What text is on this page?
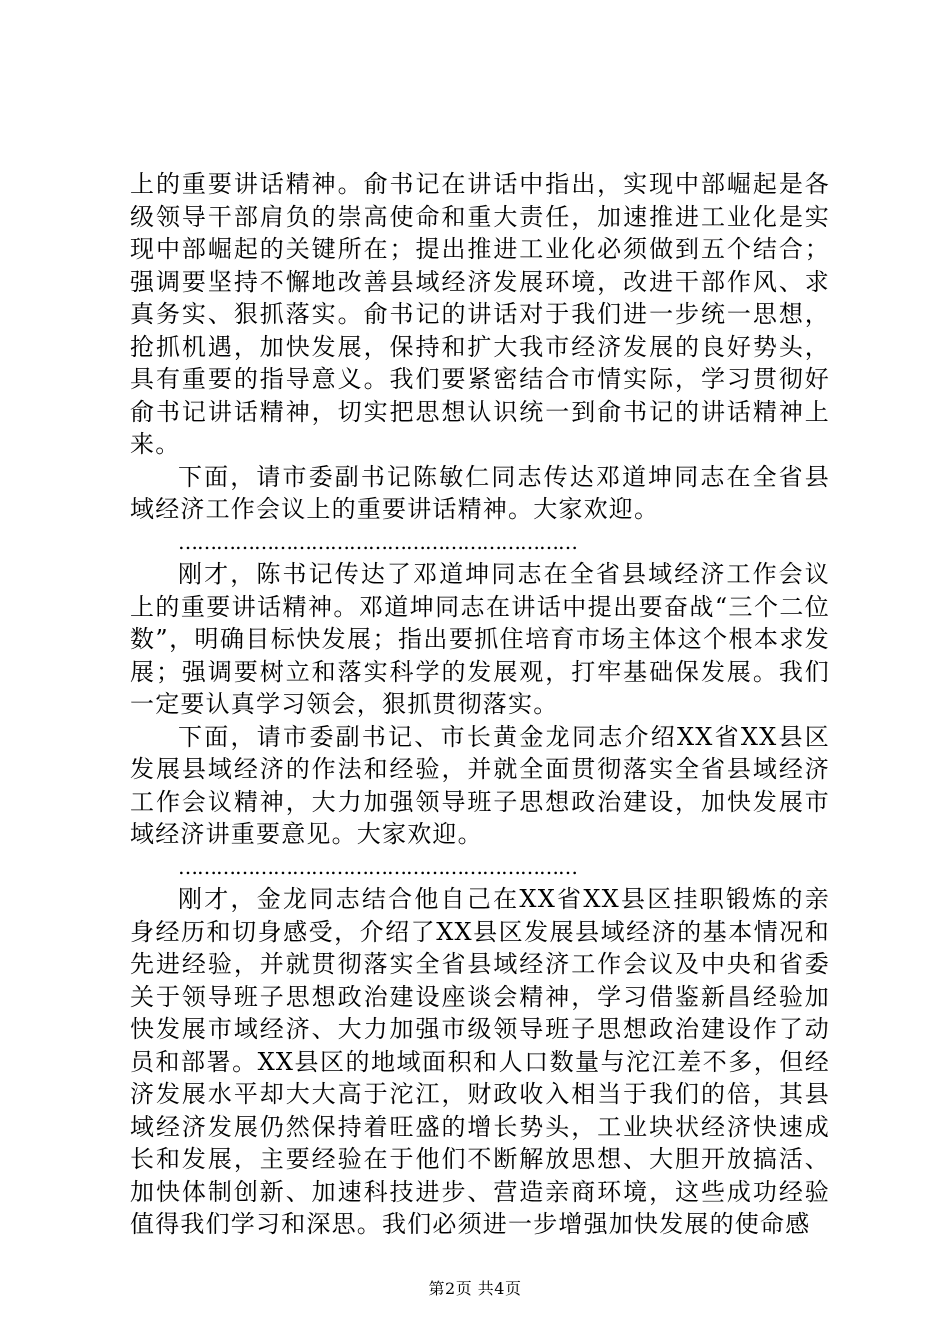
上的重要讲话精神。俞书记在讲话中指出，实现中部崛起是各级领导干部肩负的崇高使命和重大责任，加速推进工业化是实现中部崛起的关键所在；提出推进工业化必须做到五个结合；强调要坚持不懈地改善县域经济发展环境，改进干部作风、求真务实、狠抓落实。俞书记的讲话对于我们进一步统一思想，抢抓机遇，加快发展，保持和扩大我市经济发展的良好势头，具有重要的指导意义。我们要紧密结合市情实际，学习贯彻好俞书记讲话精神，切实把思想认识统一到俞书记的讲话精神上来。

下面，请市委副书记陈敏仁同志传达邓道坤同志在全省县域经济工作会议上的重要讲话精神。大家欢迎。

………………………………………………………

刚才，陈书记传达了邓道坤同志在全省县域经济工作会议上的重要讲话精神。邓道坤同志在讲话中提出要奋战“三个二位数”，明确目标快发展；指出要抓住培育市场主体这个根本求发展；强调要树立和落实科学的发展观，打牢基础保发展。我们一定要认真学习领会，狠抓贯彻落实。

下面，请市委副书记、市长黄金龙同志介绍XX省XX县区发展县域经济的作法和经验，并就全面贯彻落实全省县域经济工作会议精神，大力加强领导班子思想政治建设，加快发展市域经济讲重要意见。大家欢迎。

………………………………………………………

刚才，金龙同志结合他自己在XX省XX县区挂职锻炼的亲身经历和切身感受，介绍了XX县区发展县域经济的基本情况和先进经验，并就贯彻落实全省县域经济工作会议及中央和省委关于领导班子思想政治建设座谈会精神，学习借鉴新昌经验加快发展市域经济、大力加强市级领导班子思想政治建设作了动员和部署。XX县区的地域面积和人口数量与沱江差不多，但经济发展水平却大大高于沱江，财政收入相当于我们的倍，其县域经济发展仍然保持着旺盛的增长势头，工业块状经济快速成长和发展，主要经验在于他们不断解放思想、大胆开放搞活、加快体制创新、加速科技进步、营造亲商环境，这些成功经验值得我们学习和深思。我们必须进一步增强加快发展的使命感

第2页 共4页
